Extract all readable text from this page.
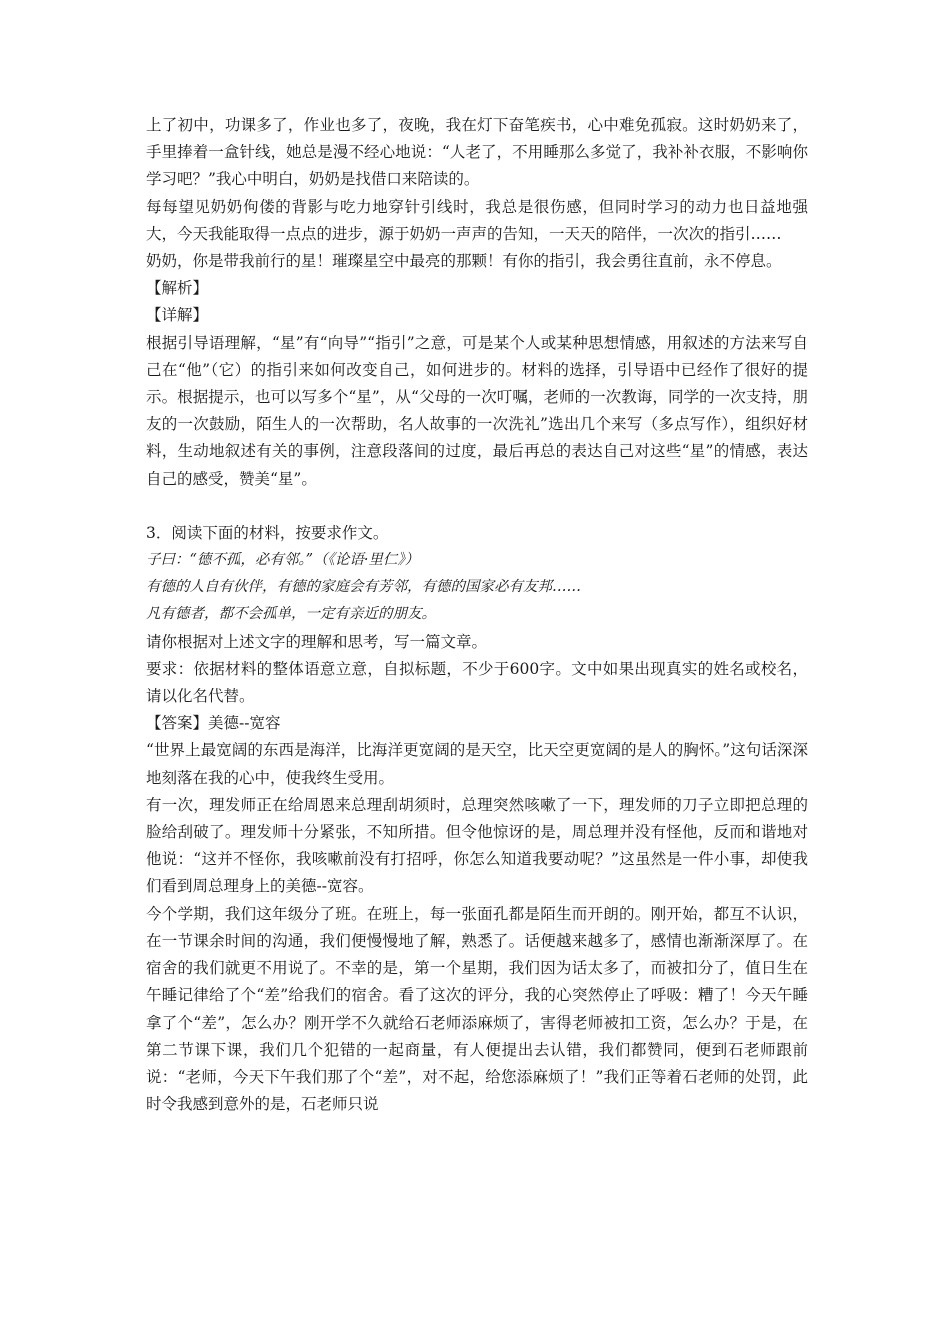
上了初中，功课多了，作业也多了，夜晚，我在灯下奋笔疾书，心中难免孤寂。这时奶奶来了，手里捧着一盒针线，她总是漫不经心地说：“人老了，不用睡那么多觉了，我补补衣服，不影响你学习吧？”我心中明白，奶奶是找借口来陪读的。

每每望见奶奶佝偻的背影与吃力地穿针引线时，我总是很伤感，但同时学习的动力也日益地强大，今天我能取得一点点的进步，源于奶奶一声声的告知，一天天的陪伴，一次次的指引……

奶奶，你是带我前行的星！璀璨星空中最亮的那颗！有你的指引，我会勇往直前，永不停息。

【解析】

【详解】

根据引导语理解，“星”有“向导”“指引”之意，可是某个人或某种思想情感，用叙述的方法来写自己在“他”（它）的指引来如何改变自己，如何进步的。材料的选择，引导语中已经作了很好的提示。根据提示，也可以写多个“星”，从“父母的一次叮嘱，老师的一次教诲，同学的一次支持，朋友的一次鼓励，陌生人的一次帮助，名人故事的一次洗礼”选出几个来写（多点写作），组织好材料，生动地叙述有关的事例，注意段落间的过度，最后再总的表达自己对这些“星”的情感，表达自己的感受，赞美“星”。

3．阅读下面的材料，按要求作文。

子曰：“德不孤，必有邻。”（《论语·里仁》）

有德的人自有伙伴，有德的家庭会有芳邻，有德的国家必有友邦……

凡有德者，都不会孤单，一定有亲近的朋友。

请你根据对上述文字的理解和思考，写一篇文章。

要求：依据材料的整体语意立意，自拟标题，不少于600字。文中如果出现真实的姓名或校名，请以化名代替。

【答案】美德--宽容

“世界上最宽阔的东西是海洋，比海洋更宽阔的是天空，比天空更宽阔的是人的胸怀。”这句话深深地刻落在我的心中，使我终生受用。

有一次，理发师正在给周恩来总理刮胡须时，总理突然咳嗽了一下，理发师的刀子立即把总理的脸给刮破了。理发师十分紧张，不知所措。但令他惊讶的是，周总理并没有怪他，反而和谐地对他说：“这并不怪你，我咳嗽前没有打招呼，你怎么知道我要动呢？”这虽然是一件小事，却使我们看到周总理身上的美德--宽容。

今个学期，我们这年级分了班。在班上，每一张面孔都是陌生而开朗的。刚开始，都互不认识，在一节课余时间的沟通，我们便慢慢地了解，熟悉了。话便越来越多了，感情也渐渐深厚了。在宿舍的我们就更不用说了。不幸的是，第一个星期，我们因为话太多了，而被扣分了，值日生在午睡记律给了个“差”给我们的宿舍。看了这次的评分，我的心突然停止了呼吸：糟了！今天午睡拿了个“差”，怎么办？刚开学不久就给石老师添麻烦了，害得老师被扣工资，怎么办？于是，在第二节课下课，我们几个犯错的一起商量，有人便提出去认错，我们都赞同，便到石老师跟前说：“老师，今天下午我们那了个“差”，对不起，给您添麻烦了！”我们正等着石老师的处罚，此时令我感到意外的是，石老师只说
